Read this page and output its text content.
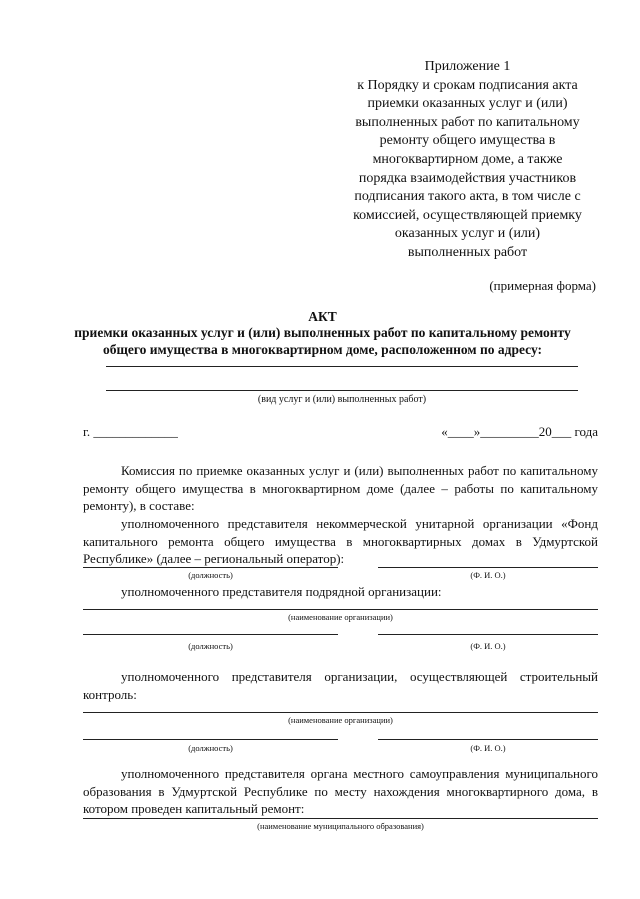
Приложение 1
к Порядку и срокам подписания акта
приемки оказанных услуг и (или)
выполненных работ по капитальному
ремонту общего имущества в
многоквартирном доме, а также
порядка взаимодействия участников
подписания такого акта, в том числе с
комиссией, осуществляющей приемку
оказанных услуг и (или)
выполненных работ
(примерная форма)
АКТ
приемки оказанных услуг и (или) выполненных работ по капитальному ремонту
общего имущества в многоквартирном доме, расположенном по адресу:
(вид услуг и (или) выполненных работ)
г. _____________	«____»_________20___ года
Комиссия по приемке оказанных услуг и (или) выполненных работ по капитальному ремонту общего имущества в многоквартирном доме (далее – работы по капитальному ремонту), в составе:
уполномоченного представителя некоммерческой унитарной организации «Фонд капитального ремонта общего имущества в многоквартирных домах в Удмуртской Республике» (далее – региональный оператор):
(должность)	(Ф. И. О.)
уполномоченного представителя подрядной организации:
(наименование организации)
(должность)	(Ф. И. О.)
уполномоченного представителя организации, осуществляющей строительный контроль:
(наименование организации)
(должность)	(Ф. И. О.)
уполномоченного представителя органа местного самоуправления муниципального образования в Удмуртской Республике по месту нахождения многоквартирного дома, в котором проведен капитальный ремонт:
(наименование муниципального образования)
